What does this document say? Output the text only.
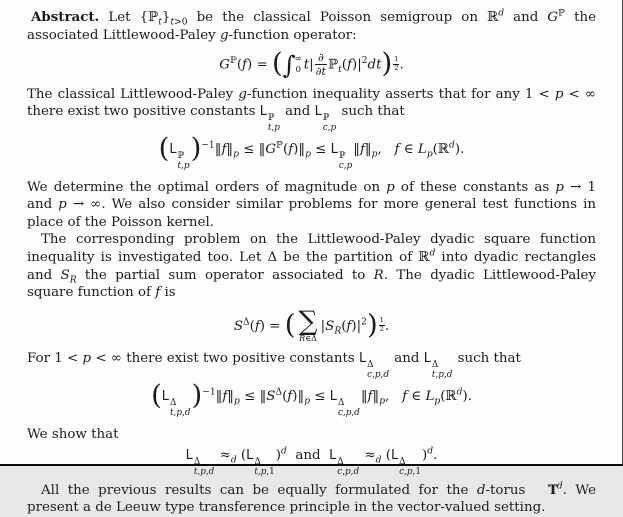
Abstract. Let $\{ℙ_t\}_{t>0}$ be the classical Poisson semigroup on ℝ$^d$ and $G^ℙ$ the associated Littlewood-Paley g-function operator:

$G^ℙ(f)$ = (∫ ∞
0 $t| \frac{\partial}{\partial t}$ $ℙ_t(f)|^2dt) \frac{1}{2}$ .

The classical Littlewood-Paley g-function inequality asserts that for any 1 < p < ∞ there exist two positive constants L ℙ
t,p
and L ℙ
c,p
such that

(L ℙ
t,p
)$^{-1}‖f‖_p$ ≤ $‖G^ℙ(f)‖_p \le L$ ℙ
c,p
$‖f‖_p$,   f ∈ $L_p(ℝ^d)$.

We determine the optimal orders of magnitude on p of these constants as p → 1 and p → ∞. We also consider similar problems for more general test functions in place of the Poisson kernel.

The corresponding problem on the Littlewood-Paley dyadic square function inequality is investigated too. Let Δ be the partition of ℝ$^d$ into dyadic rectangles and $S_R$ the partial sum operator associated to R. The dyadic Littlewood-Paley square function of f is

$S^\Delta(f)$ = ( ∑
R∈Δ
$|S_R(f)|^2) \frac{1}{2}$ .

For 1 < p < ∞ there exist two positive constants L Δ
c,p,d
and L Δ
t,p,d
such that

(L Δ
t,p,d
)$^{-1}‖f‖_p$ ≤ $‖S^\Delta(f)‖_p \le L$ Δ
c,p,d
$‖f‖_p$,   f ∈ $L_p(ℝ^d)$.

We show that

L Δ
t,p,d
$\approx_d$ (L Δ
t,p,1
)$^d$  and  L Δ
c,p,d
$\approx_d$ (L Δ
c,p,1
)$^d$.

All the previous results can be equally formulated for the d-torus T $T^d$. We present a de Leeuw type transference principle in the vector-valued setting.
